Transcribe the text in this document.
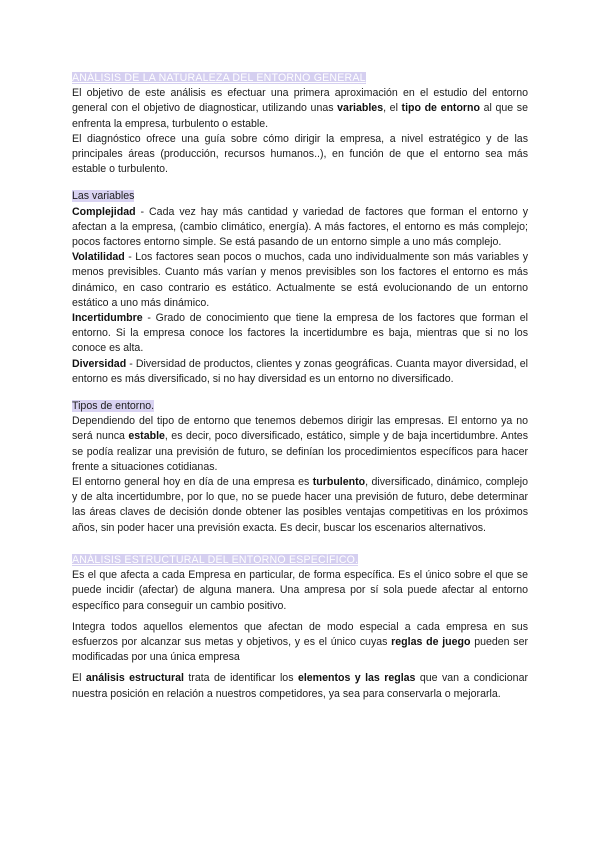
ANÁLISIS DE LA NATURALEZA DEL ENTORNO GENERAL

El objetivo de este análisis es efectuar una primera aproximación en el estudio del entorno general con el objetivo de diagnosticar, utilizando unas variables, el tipo de entorno al que se enfrenta la empresa, turbulento o estable.

El diagnóstico ofrece una guía sobre cómo dirigir la empresa, a nivel estratégico y de las principales áreas (producción, recursos humanos..), en función de que el entorno sea más estable o turbulento.

Las variables

Complejidad - Cada vez hay más cantidad y variedad de factores que forman el entorno y afectan a la empresa, (cambio climático, energía). A más factores, el entorno es más complejo; pocos factores entorno simple. Se está pasando de un entorno simple a uno más complejo.

Volatilidad - Los factores sean pocos o muchos, cada uno individualmente son más variables y menos previsibles. Cuanto más varían y menos previsibles son los factores el entorno es más dinámico, en caso contrario es estático. Actualmente se está evolucionando de un entorno estático a uno más dinámico.

Incertidumbre - Grado de conocimiento que tiene la empresa de los factores que forman el entorno. Si la empresa conoce los factores la incertidumbre es baja, mientras que si no los conoce es alta.

Diversidad - Diversidad de productos, clientes y zonas geográficas. Cuanta mayor diversidad, el entorno es más diversificado, si no hay diversidad es un entorno no diversificado.

Tipos de entorno.

Dependiendo del tipo de entorno que tenemos debemos dirigir las empresas. El entorno ya no será nunca estable, es decir, poco diversificado, estático, simple y de baja incertidumbre. Antes se podía realizar una previsión de futuro, se definían los procedimientos específicos para hacer frente a situaciones cotidianas.

El entorno general hoy en día de una empresa es turbulento, diversificado, dinámico, complejo y de alta incertidumbre, por lo que, no se puede hacer una previsión de futuro, debe determinar las áreas claves de decisión donde obtener las posibles ventajas competitivas en los próximos años, sin poder hacer una previsión exacta. Es decir, buscar los escenarios alternativos.

ANÁLISIS ESTRUCTURAL DEL ENTORNO ESPECÍFICO.

Es el que afecta a cada Empresa en particular, de forma específica. Es el único sobre el que se puede incidir (afectar) de alguna manera. Una ampresa por sí sola puede afectar al entorno específico para conseguir un cambio positivo.

Integra todos aquellos elementos que afectan de modo especial a cada empresa en sus esfuerzos por alcanzar sus metas y objetivos, y es el único cuyas reglas de juego pueden ser modificadas por una única empresa

El análisis estructural trata de identificar los elementos y las reglas que van a condicionar nuestra posición en relación a nuestros competidores, ya sea para conservarla o mejorarla.
